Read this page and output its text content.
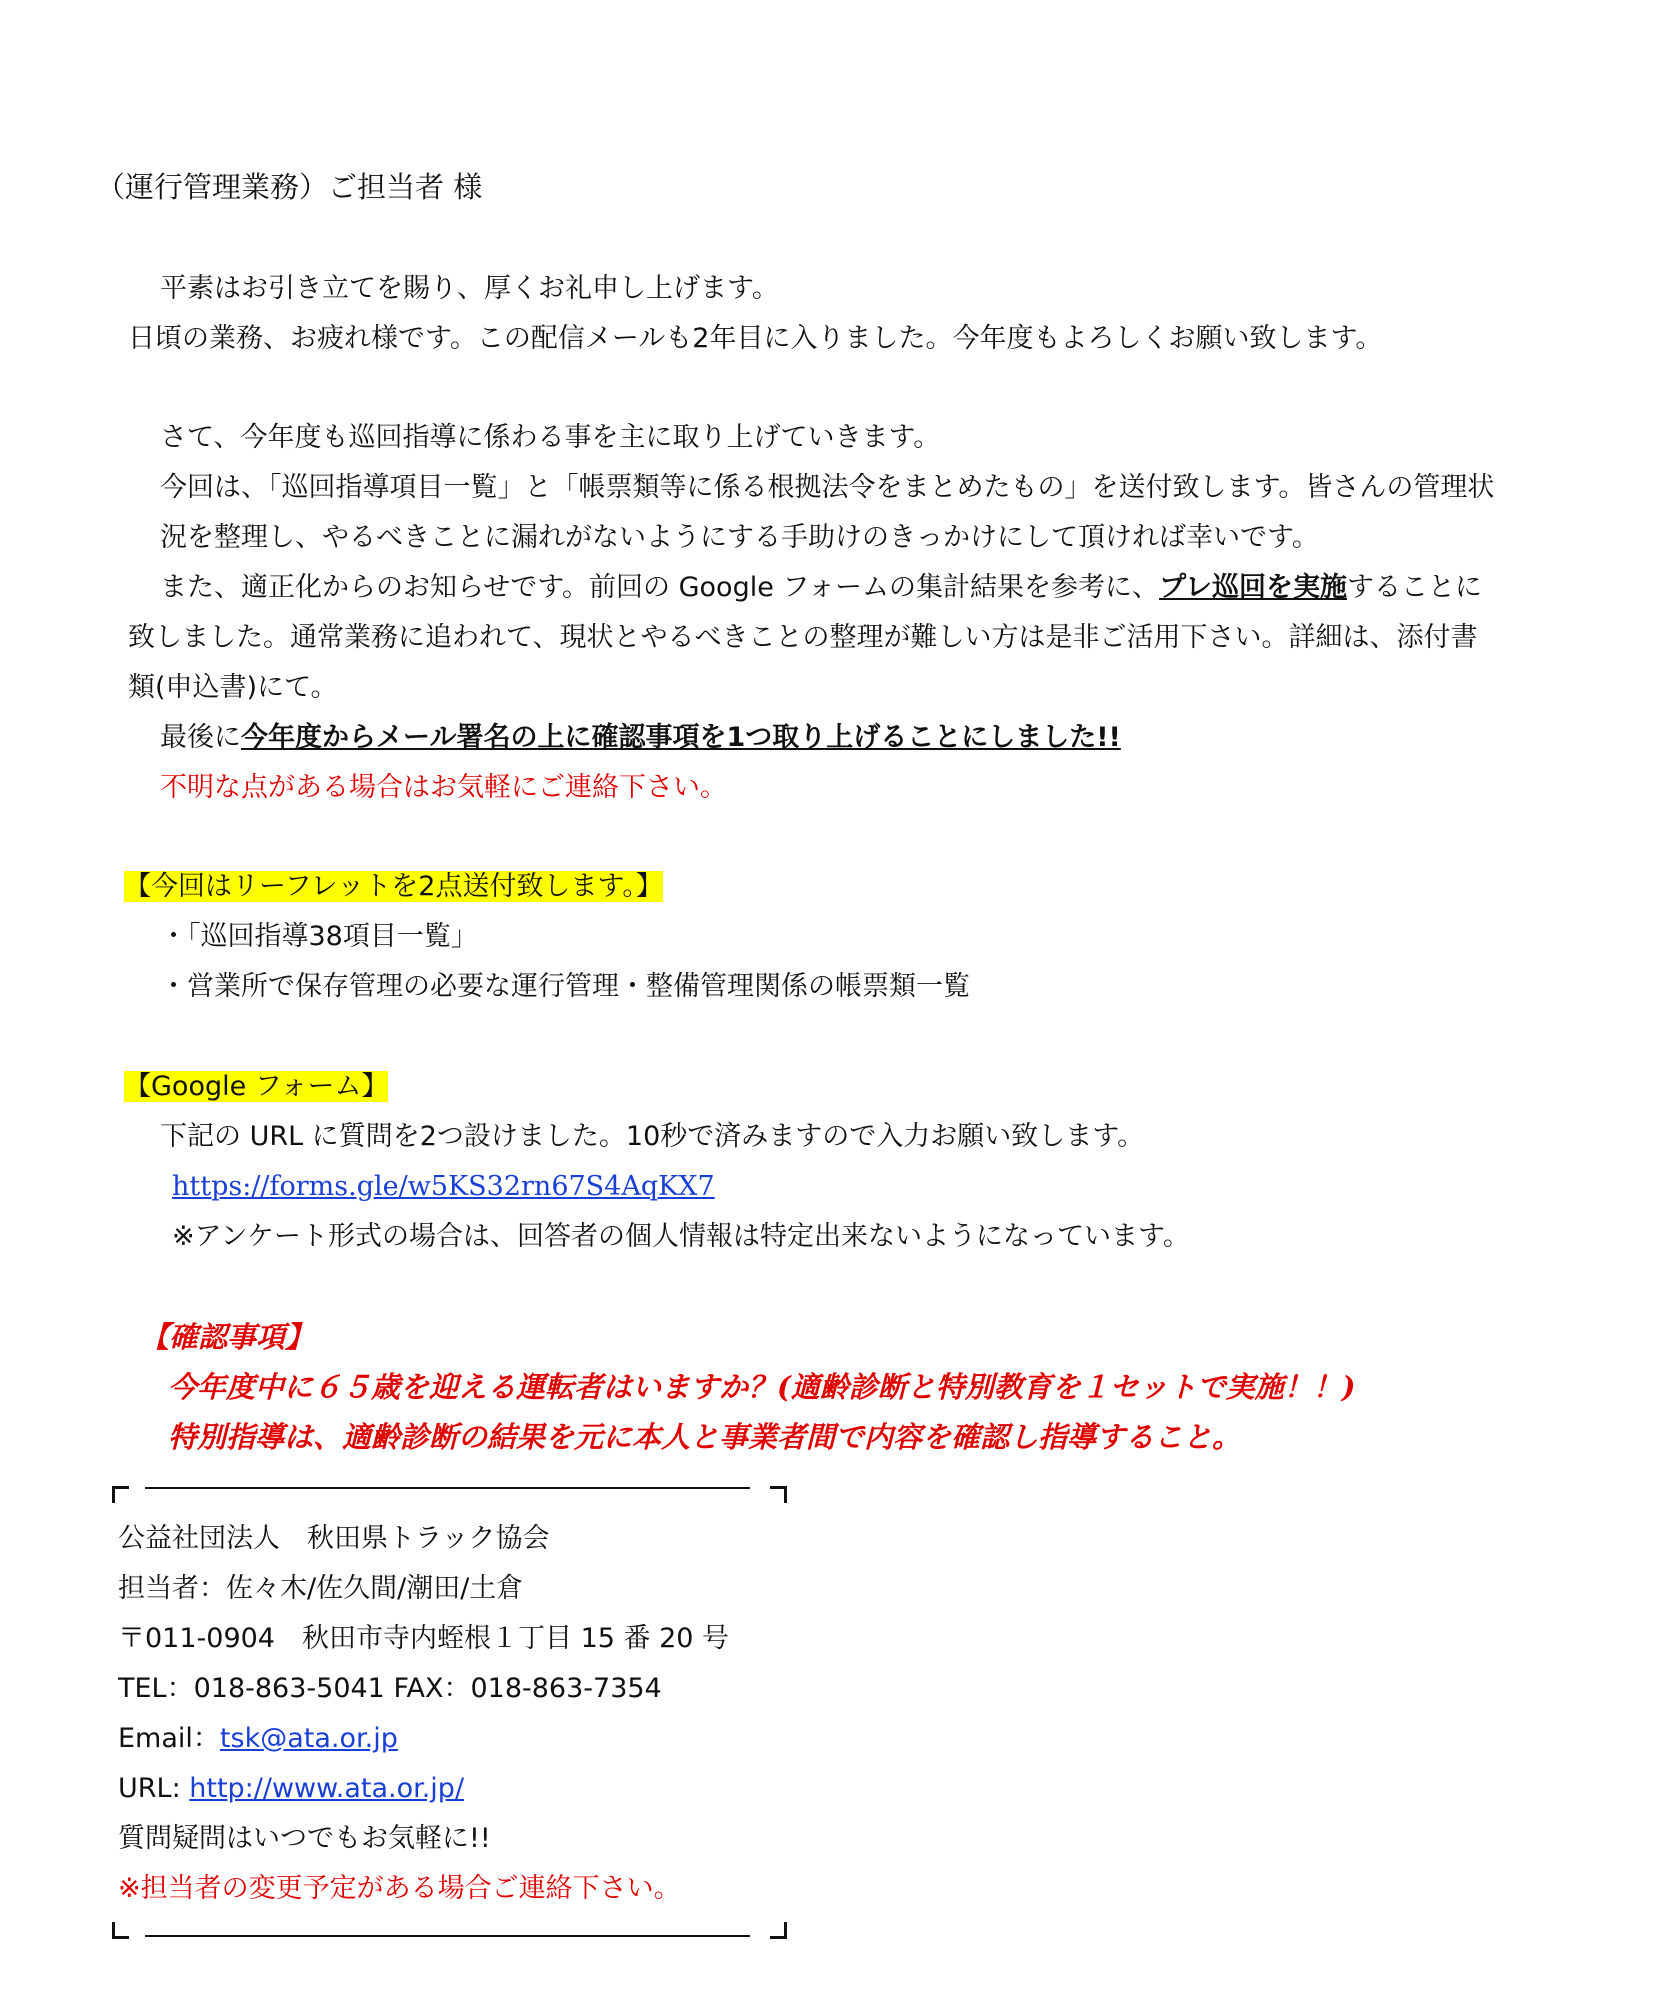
（運行管理業務）ご担当者 様
平素はお引き立てを賜り、厚くお礼申し上げます。
日頃の業務、お疲れ様です。この配信メールも2年目に入りました。今年度もよろしくお願い致します。
さて、今年度も巡回指導に係わる事を主に取り上げていきます。
今回は、「巡回指導項目一覧」と「帳票類等に係る根拠法令をまとめたもの」を送付致します。皆さんの管理状
況を整理し、やるべきことに漏れがないようにする手助けのきっかけにして頂ければ幸いです。
また、適正化からのお知らせです。前回の Google フォームの集計結果を参考に、プレ巡回を実施することに
致しました。通常業務に追われて、現状とやるべきことの整理が難しい方は是非ご活用下さい。詳細は、添付書
類(申込書)にて。
最後に今年度からメール署名の上に確認事項を1つ取り上げることにしました!!
不明な点がある場合はお気軽にご連絡下さい。
【今回はリーフレットを2点送付致します。】
・「巡回指導38項目一覧」
・営業所で保存管理の必要な運行管理・整備管理関係の帳票類一覧
【Google フォーム】
下記の URL に質問を2つ設けました。10秒で済みますので入力お願い致します。
https://forms.gle/w5KS32rn67S4AqKX7
※アンケート形式の場合は、回答者の個人情報は特定出来ないようになっています。
【確認事項】
今年度中に６５歳を迎える運転者はいますか？(適齢診断と特別教育を１セットで実施！！)
特別指導は、適齢診断の結果を元に本人と事業者間で内容を確認し指導すること。
公益社団法人　秋田県トラック協会
担当者：佐々木/佐久間/潮田/土倉
〒011-0904　秋田市寺内蛭根１丁目 15 番 20 号
TEL：018-863-5041 FAX：018-863-7354
Email：tsk@ata.or.jp
URL: http://www.ata.or.jp/
質問疑問はいつでもお気軽に!!
※担当者の変更予定がある場合ご連絡下さい。
